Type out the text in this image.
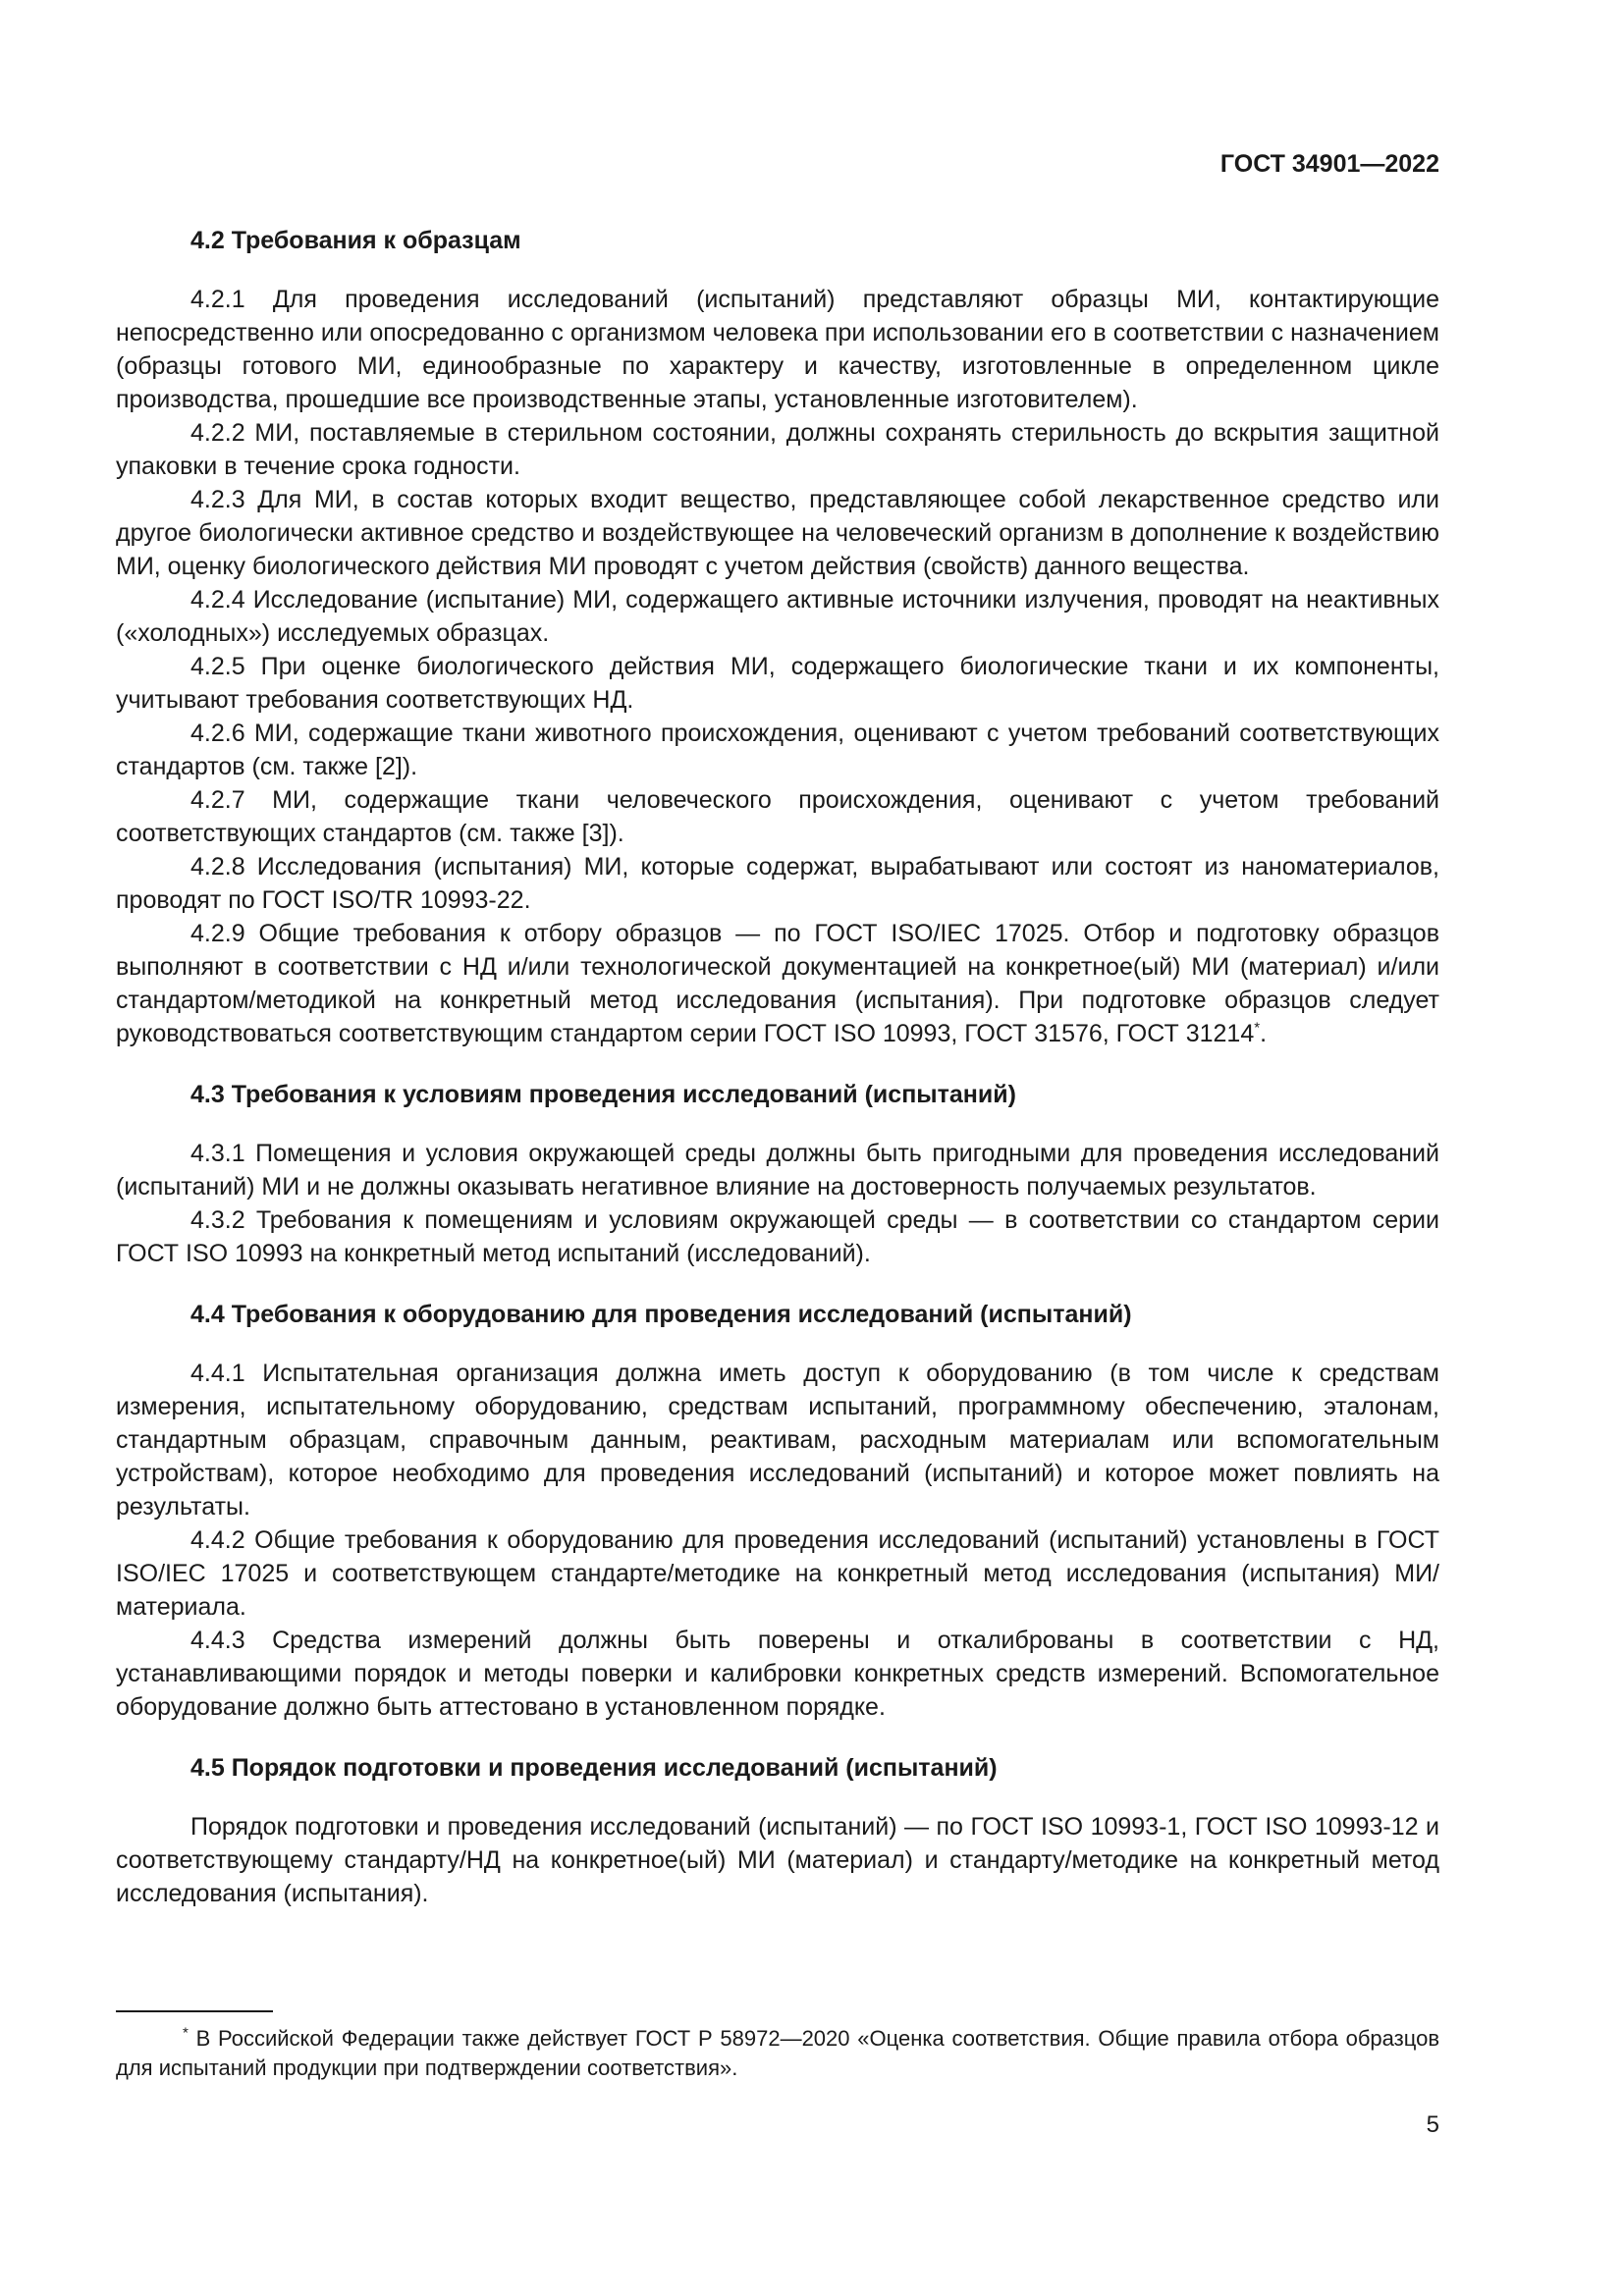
ГОСТ 34901—2022
4.2 Требования к образцам

4.2.1 Для проведения исследований (испытаний) представляют образцы МИ, контактирующие непосредственно или опосредованно с организмом человека при использовании его в соответствии с назначением (образцы готового МИ, единообразные по характеру и качеству, изготовленные в определенном цикле производства, прошедшие все производственные этапы, установленные изготовителем).

4.2.2 МИ, поставляемые в стерильном состоянии, должны сохранять стерильность до вскрытия защитной упаковки в течение срока годности.

4.2.3 Для МИ, в состав которых входит вещество, представляющее собой лекарственное средство или другое биологически активное средство и воздействующее на человеческий организм в дополнение к воздействию МИ, оценку биологического действия МИ проводят с учетом действия (свойств) данного вещества.

4.2.4 Исследование (испытание) МИ, содержащего активные источники излучения, проводят на неактивных («холодных») исследуемых образцах.

4.2.5 При оценке биологического действия МИ, содержащего биологические ткани и их компоненты, учитывают требования соответствующих НД.

4.2.6 МИ, содержащие ткани животного происхождения, оценивают с учетом требований соответствующих стандартов (см. также [2]).

4.2.7 МИ, содержащие ткани человеческого происхождения, оценивают с учетом требований соответствующих стандартов (см. также [3]).

4.2.8 Исследования (испытания) МИ, которые содержат, вырабатывают или состоят из наноматериалов, проводят по ГОСТ ISO/TR 10993-22.

4.2.9 Общие требования к отбору образцов — по ГОСТ ISO/IEC 17025. Отбор и подготовку образцов выполняют в соответствии с НД и/или технологической документацией на конкретное(ый) МИ (материал) и/или стандартом/методикой на конкретный метод исследования (испытания). При подготовке образцов следует руководствоваться соответствующим стандартом серии ГОСТ ISO 10993, ГОСТ 31576, ГОСТ 31214*.

4.3 Требования к условиям проведения исследований (испытаний)

4.3.1 Помещения и условия окружающей среды должны быть пригодными для проведения исследований (испытаний) МИ и не должны оказывать негативное влияние на достоверность получаемых результатов.

4.3.2 Требования к помещениям и условиям окружающей среды — в соответствии со стандартом серии ГОСТ ISO 10993 на конкретный метод испытаний (исследований).

4.4 Требования к оборудованию для проведения исследований (испытаний)

4.4.1 Испытательная организация должна иметь доступ к оборудованию (в том числе к средствам измерения, испытательному оборудованию, средствам испытаний, программному обеспечению, эталонам, стандартным образцам, справочным данным, реактивам, расходным материалам или вспомогательным устройствам), которое необходимо для проведения исследований (испытаний) и которое может повлиять на результаты.

4.4.2 Общие требования к оборудованию для проведения исследований (испытаний) установлены в ГОСТ ISO/IEC 17025 и соответствующем стандарте/методике на конкретный метод исследования (испытания) МИ/материала.

4.4.3 Средства измерений должны быть поверены и откалиброваны в соответствии с НД, устанавливающими порядок и методы поверки и калибровки конкретных средств измерений. Вспомогательное оборудование должно быть аттестовано в установленном порядке.

4.5 Порядок подготовки и проведения исследований (испытаний)

Порядок подготовки и проведения исследований (испытаний) — по ГОСТ ISO 10993-1, ГОСТ ISO 10993-12 и соответствующему стандарту/НД на конкретное(ый) МИ (материал) и стандарту/методике на конкретный метод исследования (испытания).

* В Российской Федерации также действует ГОСТ Р 58972—2020 «Оценка соответствия. Общие правила отбора образцов для испытаний продукции при подтверждении соответствия».
5
